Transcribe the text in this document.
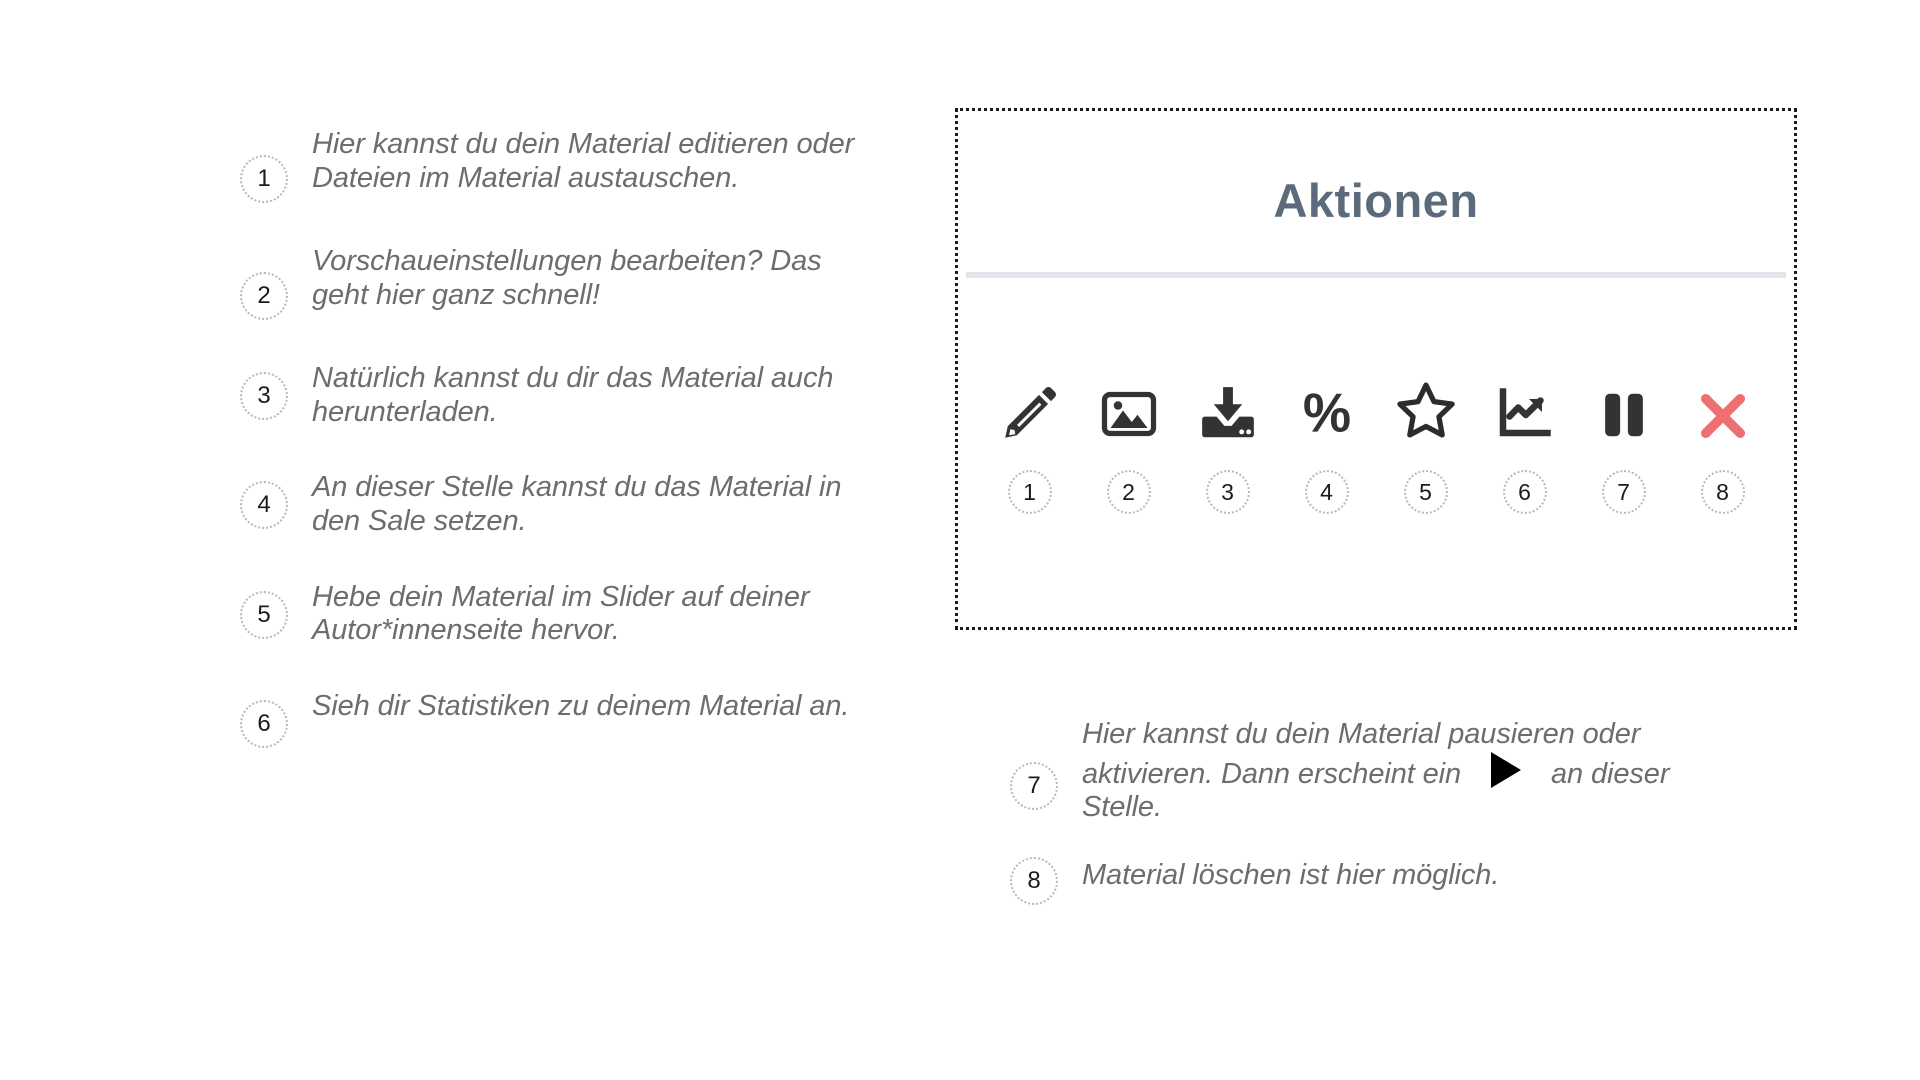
1
Hier kannst du dein Material editieren oder Dateien im Material austauschen.
2
Vorschaueinstellungen bearbeiten? Das geht hier ganz schnell!
3
Natürlich kannst du dir das Material auch herunterladen.
4
An dieser Stelle kannst du das Material in den Sale setzen.
5
Hebe dein Material im Slider auf deiner Autor*innenseite hervor.
6
Sieh dir Statistiken zu deinem Material an.
Aktionen
%
1	2	3	4	5	6	7	8
7
Hier kannst du dein Material pausieren oder aktivieren. Dann erscheint ein	an dieser Stelle.
8	Material löschen ist hier möglich.
